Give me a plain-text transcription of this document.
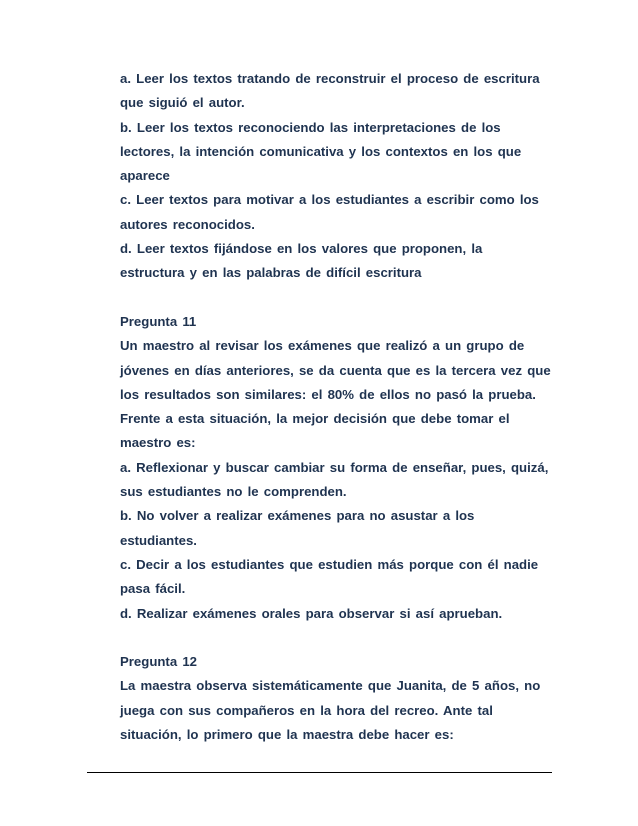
a. Leer los textos tratando de reconstruir el proceso de escritura
que siguió el autor.
b. Leer los textos reconociendo las interpretaciones de los
lectores, la intención comunicativa y los contextos en los que
aparece
c. Leer textos para motivar a los estudiantes a escribir como los
autores reconocidos.
d. Leer textos fijándose en los valores que proponen, la
estructura y en las palabras de difícil escritura
Pregunta 11
Un maestro al revisar los exámenes que realizó a un grupo de
jóvenes en días anteriores, se da cuenta que es la tercera vez que
los resultados son similares: el 80% de ellos no pasó la prueba.
Frente a esta situación, la mejor decisión que debe tomar el
maestro es:
a. Reflexionar y buscar cambiar su forma de enseñar, pues, quizá,
sus estudiantes no le comprenden.
b. No volver a realizar exámenes para no asustar a los
estudiantes.
c. Decir a los estudiantes que estudien más porque con él nadie
pasa fácil.
d. Realizar exámenes orales para observar si así aprueban.
Pregunta 12
La maestra observa sistemáticamente que Juanita, de 5 años, no
juega con sus compañeros en la hora del recreo. Ante tal
situación, lo primero que la maestra debe hacer es:
